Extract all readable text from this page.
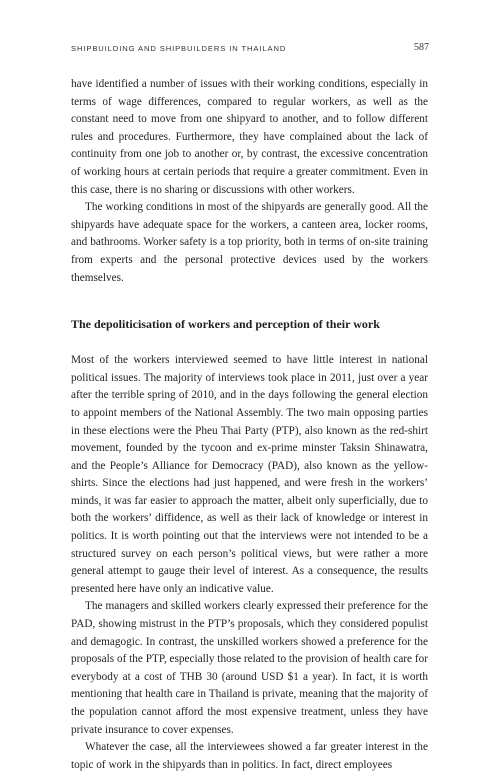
SHIPBUILDING AND SHIPBUILDERS IN THAILAND	587

have identified a number of issues with their working conditions, especially in terms of wage differences, compared to regular workers, as well as the constant need to move from one shipyard to another, and to follow different rules and procedures. Furthermore, they have complained about the lack of continuity from one job to another or, by contrast, the excessive concentration of working hours at certain periods that require a greater commitment. Even in this case, there is no sharing or discussions with other workers.

The working conditions in most of the shipyards are generally good. All the shipyards have adequate space for the workers, a canteen area, locker rooms, and bathrooms. Worker safety is a top priority, both in terms of on-site training from experts and the personal protective devices used by the workers themselves.

The depoliticisation of workers and perception of their work

Most of the workers interviewed seemed to have little interest in national political issues. The majority of interviews took place in 2011, just over a year after the terrible spring of 2010, and in the days following the general election to appoint members of the National Assembly. The two main opposing parties in these elections were the Pheu Thai Party (PTP), also known as the red-shirt movement, founded by the tycoon and ex-prime minster Taksin Shinawatra, and the People’s Alliance for Democracy (PAD), also known as the yellow-shirts. Since the elections had just happened, and were fresh in the workers’ minds, it was far easier to approach the matter, albeit only superficially, due to both the workers’ diffidence, as well as their lack of knowledge or interest in politics. It is worth pointing out that the interviews were not intended to be a structured survey on each person’s political views, but were rather a more general attempt to gauge their level of interest. As a consequence, the results presented here have only an indicative value.

The managers and skilled workers clearly expressed their preference for the PAD, showing mistrust in the PTP’s proposals, which they considered populist and demagogic. In contrast, the unskilled workers showed a preference for the proposals of the PTP, especially those related to the provision of health care for everybody at a cost of THB 30 (around USD $1 a year). In fact, it is worth mentioning that health care in Thailand is private, meaning that the majority of the population cannot afford the most expensive treatment, unless they have private insurance to cover expenses.

Whatever the case, all the interviewees showed a far greater interest in the topic of work in the shipyards than in politics. In fact, direct employees
